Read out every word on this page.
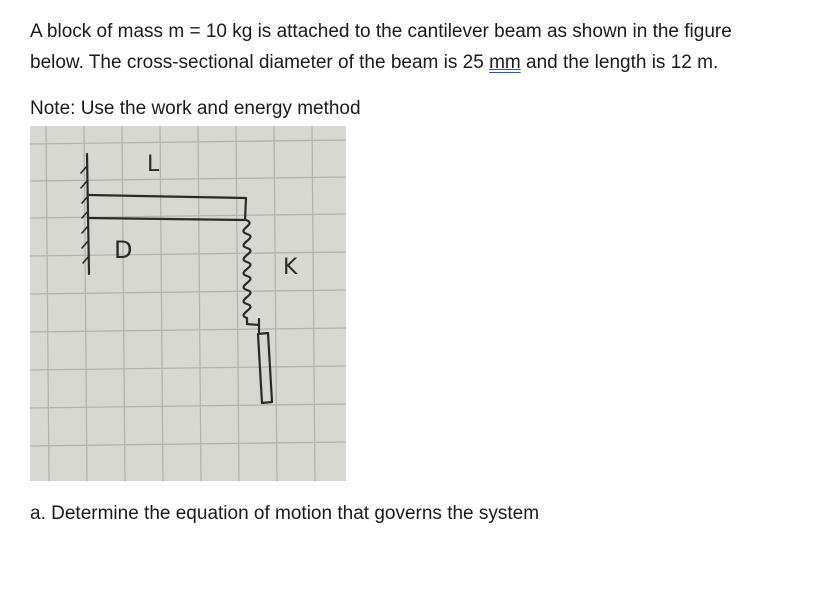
A block of mass m = 10 kg is attached to the cantilever beam as shown in the figure
below. The cross-sectional diameter of the beam is 25 mm and the length is 12 m.
Note: Use the work and energy method
L
D
K
a. Determine the equation of motion that governs the system
